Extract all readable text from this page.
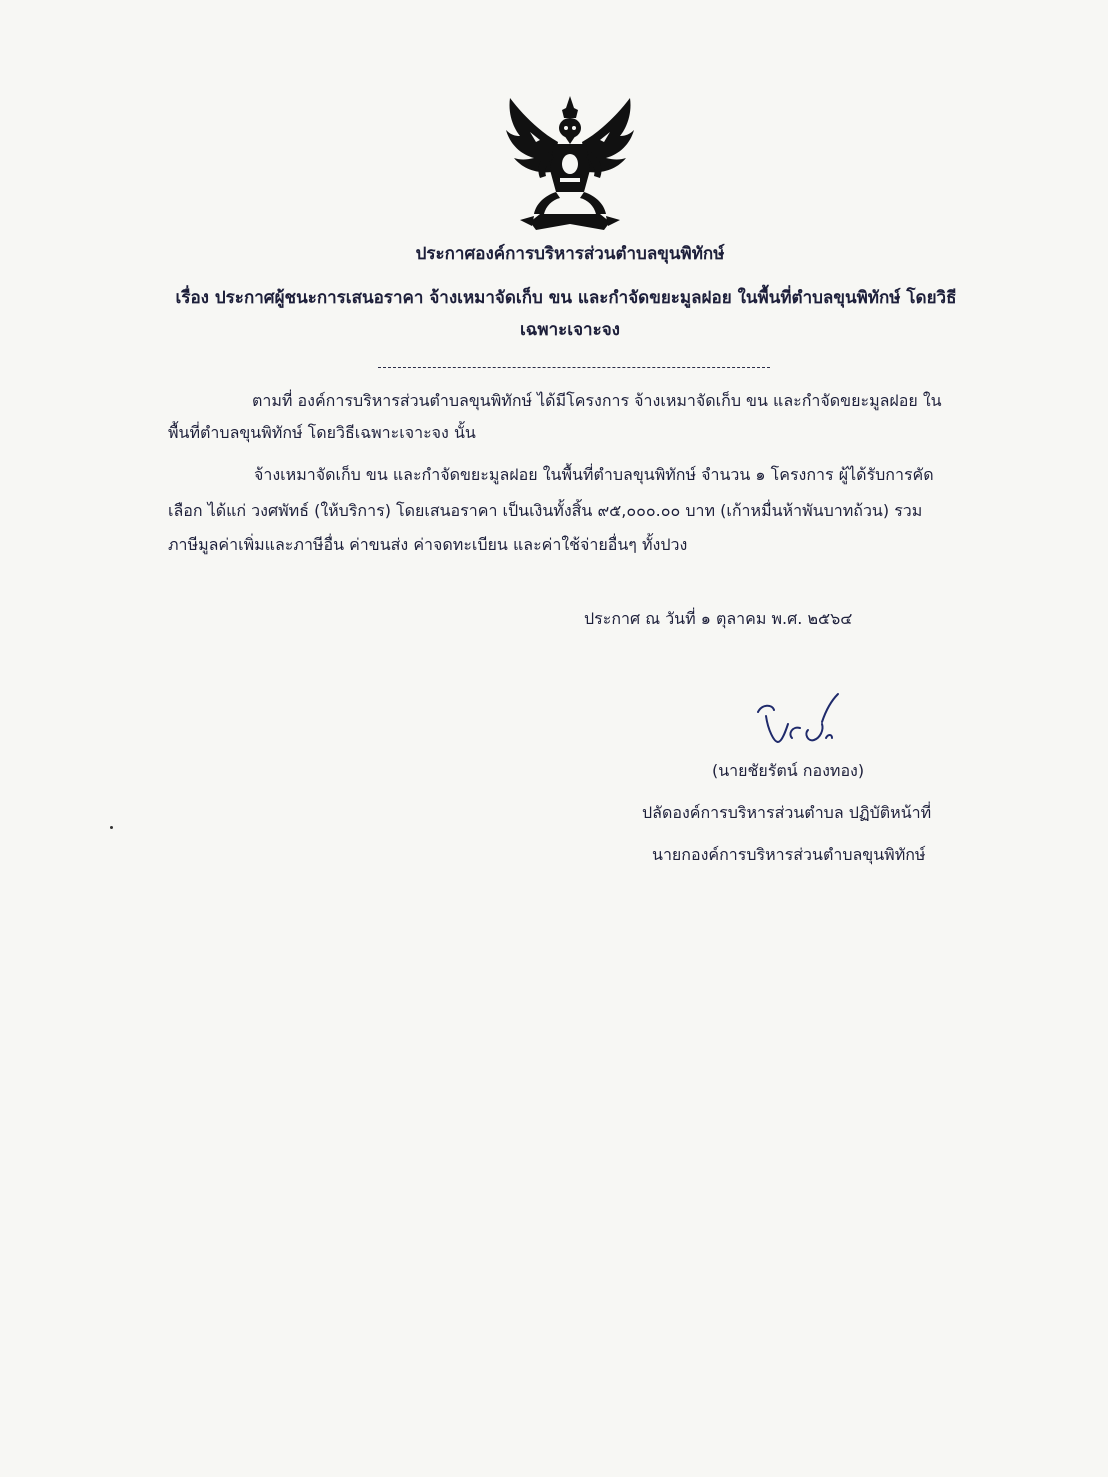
ประกาศองค์การบริหารส่วนตำบลขุนพิทักษ์
เรื่อง ประกาศผู้ชนะการเสนอราคา จ้างเหมาจัดเก็บ ขน และกำจัดขยะมูลฝอย ในพื้นที่ตำบลขุนพิทักษ์ โดยวิธี
เฉพาะเจาะจง
ตามที่ องค์การบริหารส่วนตำบลขุนพิทักษ์ ได้มีโครงการ จ้างเหมาจัดเก็บ ขน และกำจัดขยะมูลฝอย ใน
พื้นที่ตำบลขุนพิทักษ์ โดยวิธีเฉพาะเจาะจง นั้น
จ้างเหมาจัดเก็บ ขน และกำจัดขยะมูลฝอย ในพื้นที่ตำบลขุนพิทักษ์ จำนวน ๑ โครงการ ผู้ได้รับการคัด
เลือก ได้แก่ วงศพัทธ์ (ให้บริการ) โดยเสนอราคา เป็นเงินทั้งสิ้น ๙๕,๐๐๐.๐๐ บาท (เก้าหมื่นห้าพันบาทถ้วน) รวม
ภาษีมูลค่าเพิ่มและภาษีอื่น ค่าขนส่ง ค่าจดทะเบียน และค่าใช้จ่ายอื่นๆ ทั้งปวง
ประกาศ ณ วันที่ ๑ ตุลาคม พ.ศ. ๒๕๖๔
(นายชัยรัตน์ กองทอง)
ปลัดองค์การบริหารส่วนตำบล ปฏิบัติหน้าที่
นายกองค์การบริหารส่วนตำบลขุนพิทักษ์
